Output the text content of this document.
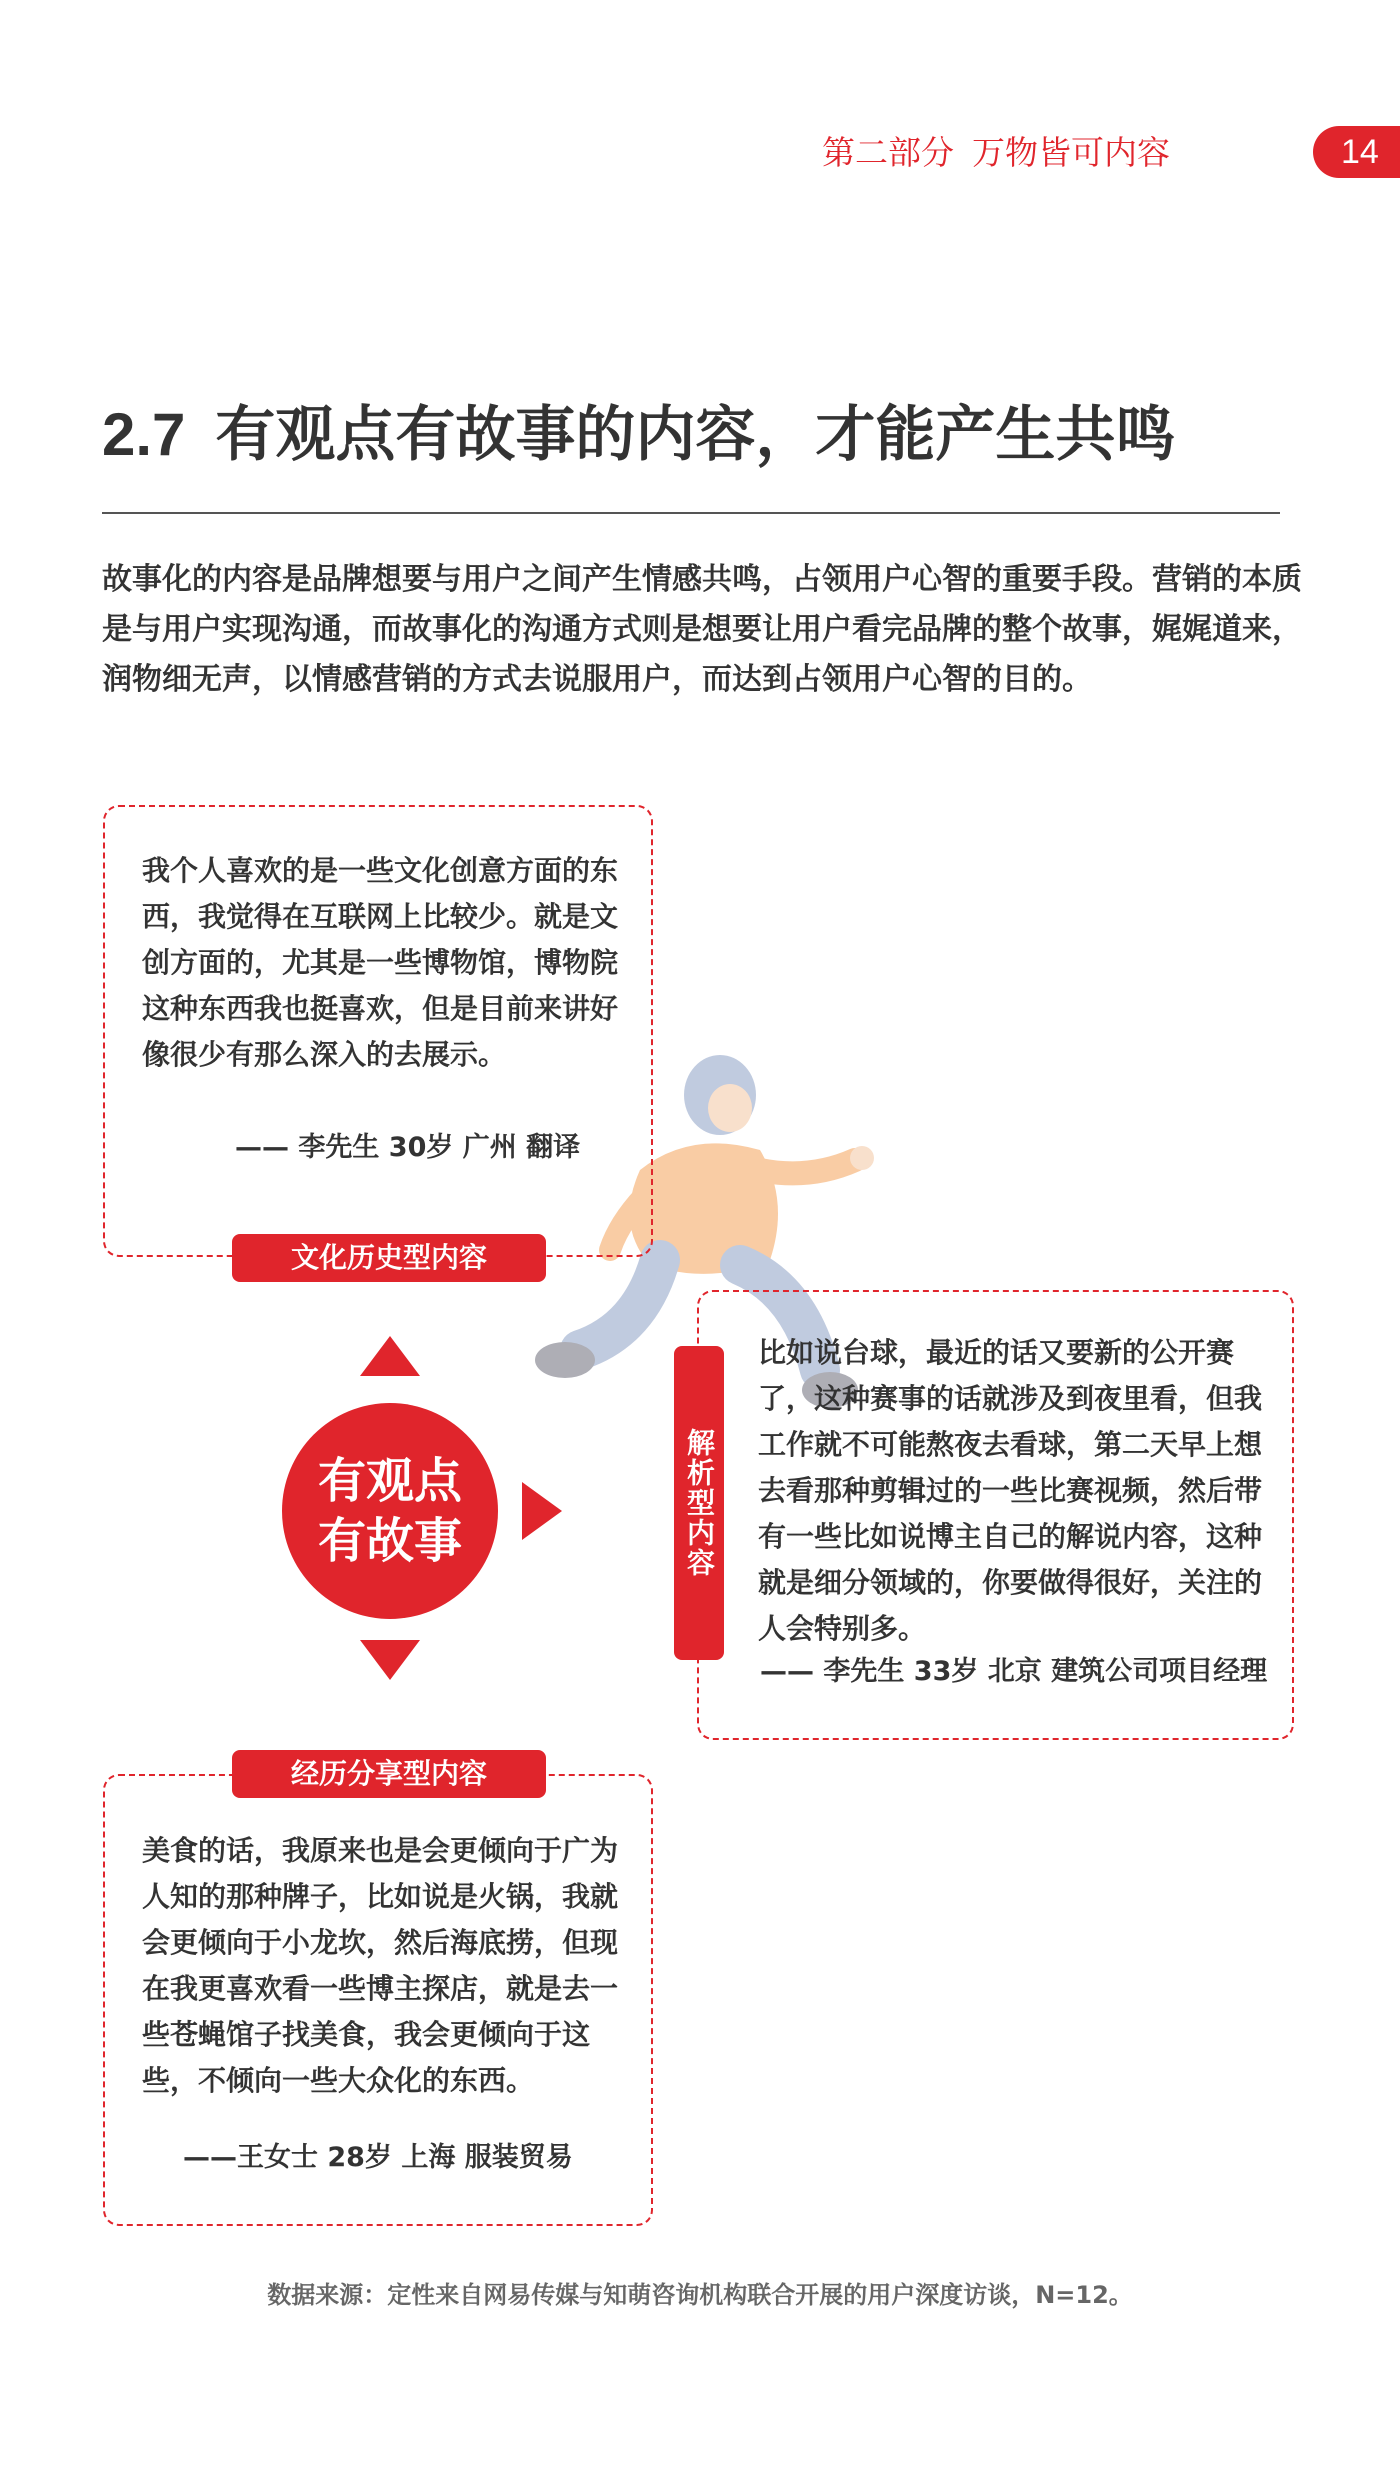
第二部分 万物皆可内容	14
2.7 有观点有故事的内容，才能产生共鸣
故事化的内容是品牌想要与用户之间产生情感共鸣，占领用户心智的重要手段。营销的本质是与用户实现沟通，而故事化的沟通方式则是想要让用户看完品牌的整个故事，娓娓道来，润物细无声，以情感营销的方式去说服用户，而达到占领用户心智的目的。
我个人喜欢的是一些文化创意方面的东西，我觉得在互联网上比较少。就是文创方面的，尤其是一些博物馆，博物院这种东西我也挺喜欢，但是目前来讲好像很少有那么深入的去展示。
—— 李先生 30岁 广州 翻译
文化历史型内容
有观点
有故事	解析型内容
比如说台球，最近的话又要新的公开赛了，这种赛事的话就涉及到夜里看，但我工作就不可能熬夜去看球，第二天早上想去看那种剪辑过的一些比赛视频，然后带有一些比如说博主自己的解说内容，这种就是细分领域的，你要做得很好，关注的人会特别多。
—— 李先生 33岁 北京 建筑公司项目经理
经历分享型内容
美食的话，我原来也是会更倾向于广为人知的那种牌子，比如说是火锅，我就会更倾向于小龙坎，然后海底捞，但现在我更喜欢看一些博主探店，就是去一些苍蝇馆子找美食，我会更倾向于这些，不倾向一些大众化的东西。
——王女士 28岁 上海 服装贸易
数据来源：定性来自网易传媒与知萌咨询机构联合开展的用户深度访谈，N=12。
